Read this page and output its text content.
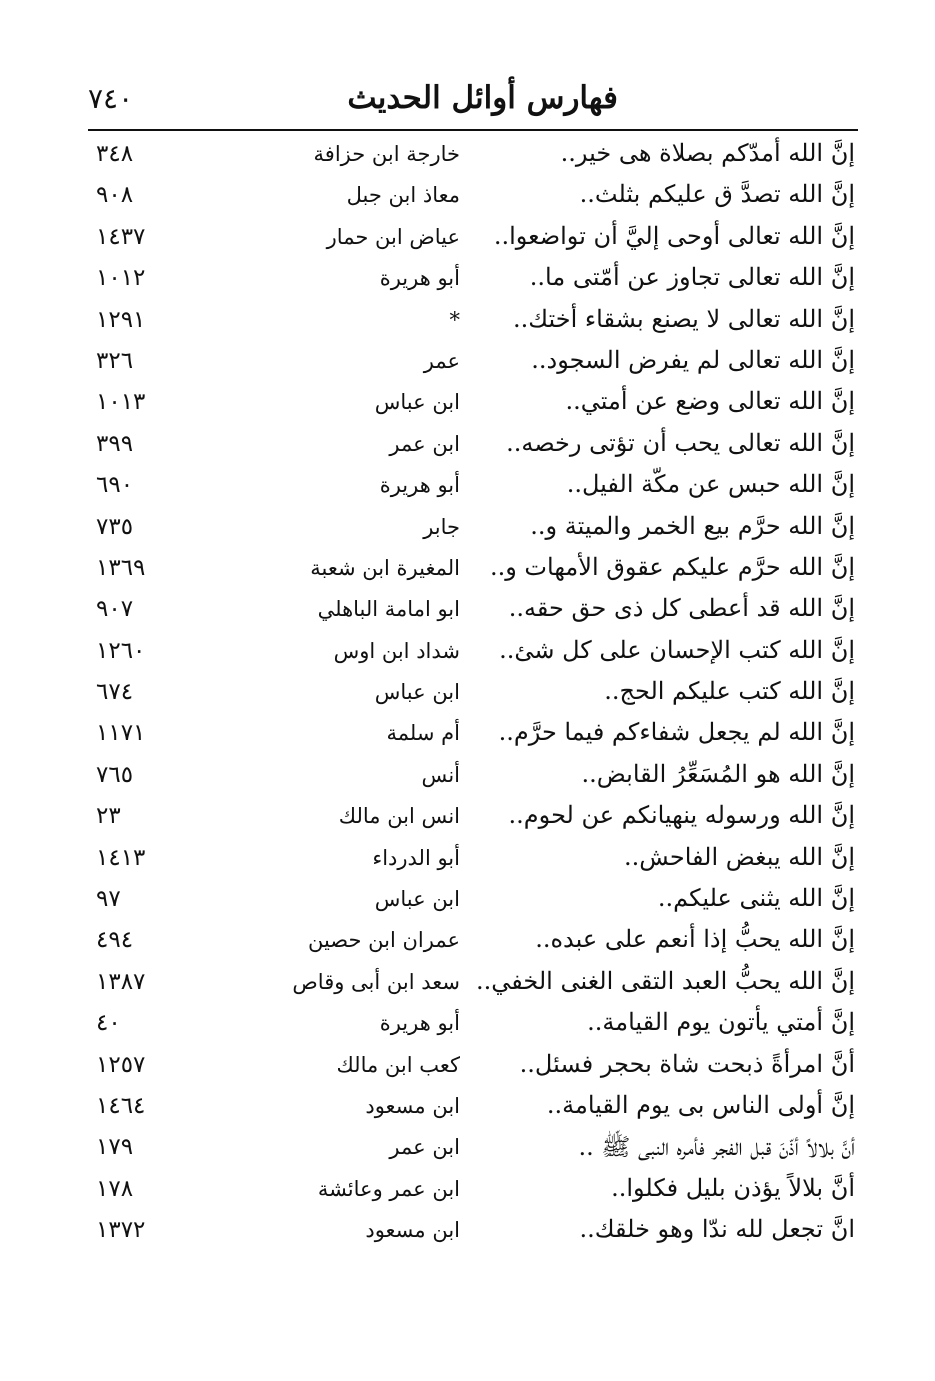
فهارس أوائل الحديث
٧٤٠
إنَّ الله أمدّكم بصلاة هى خير..
خارجة ابن حزافة
٣٤٨
إنَّ الله تصدَّ ق عليكم بثلث..
معاذ ابن جبل
٩٠٨
إنَّ الله تعالى أوحى إليَّ أن تواضعوا..
عياض ابن حمار
١٤٣٧
إنَّ الله تعالى تجاوز عن أمّتى ما..
أبو هريرة
١٠١٢
إنَّ الله تعالى لا يصنع بشقاء أختك..
*
١٢٩١
إنَّ الله تعالى لم يفرض السجود..
عمر
٣٢٦
إنَّ الله تعالى وضع عن أمتي..
ابن عباس
١٠١٣
إنَّ الله تعالى يحب أن تؤتى رخصه..
ابن عمر
٣٩٩
إنَّ الله حبس عن مكّة الفيل..
أبو هريرة
٦٩٠
إنَّ الله حرَّم بيع الخمر والميتة و..
جابر
٧٣٥
إنَّ الله حرَّم عليكم عقوق الأمهات و..
المغيرة ابن شعبة
١٣٦٩
إنَّ الله قد أعطى كل ذى حق حقه..
ابو امامة الباهلي
٩٠٧
إنَّ الله كتب الإحسان على كل شئ..
شداد ابن اوس
١٢٦٠
إنَّ الله كتب عليكم الحج..
ابن عباس
٦٧٤
إنَّ الله لم يجعل شفاءكم فيما حرَّم..
أم سلمة
١١٧١
إنَّ الله هو المُسَعِّرُ القابض..
أنس
٧٦٥
إنَّ الله ورسوله ينهيانكم عن لحوم..
انس ابن مالك
٢٣
إنَّ الله يبغض الفاحش..
أبو الدرداء
١٤١٣
إنَّ الله يثنى عليكم..
ابن عباس
٩٧
إنَّ الله يحبُّ إذا أنعم على عبده..
عمران ابن حصين
٤٩٤
إنَّ الله يحبُّ العبد التقى الغنى الخفي..
سعد ابن أبى وقاص
١٣٨٧
إنَّ أمتي يأتون يوم القيامة..
أبو هريرة
٤٠
أنَّ امرأةً ذبحت شاة بحجر فسئل..
كعب ابن مالك
١٢٥٧
إنَّ أولى الناس بى يوم القيامة..
ابن مسعود
١٤٦٤
أنَّ بلالاً أذّنَ قبل الفجر فأمره النبى ﷺ ..
ابن عمر
١٧٩
أنَّ بلالاً يؤذن بليل فكلوا..
ابن عمر وعائشة
١٧٨
انَّ تجعل لله ندّا وهو خلقك..
ابن مسعود
١٣٧٢
